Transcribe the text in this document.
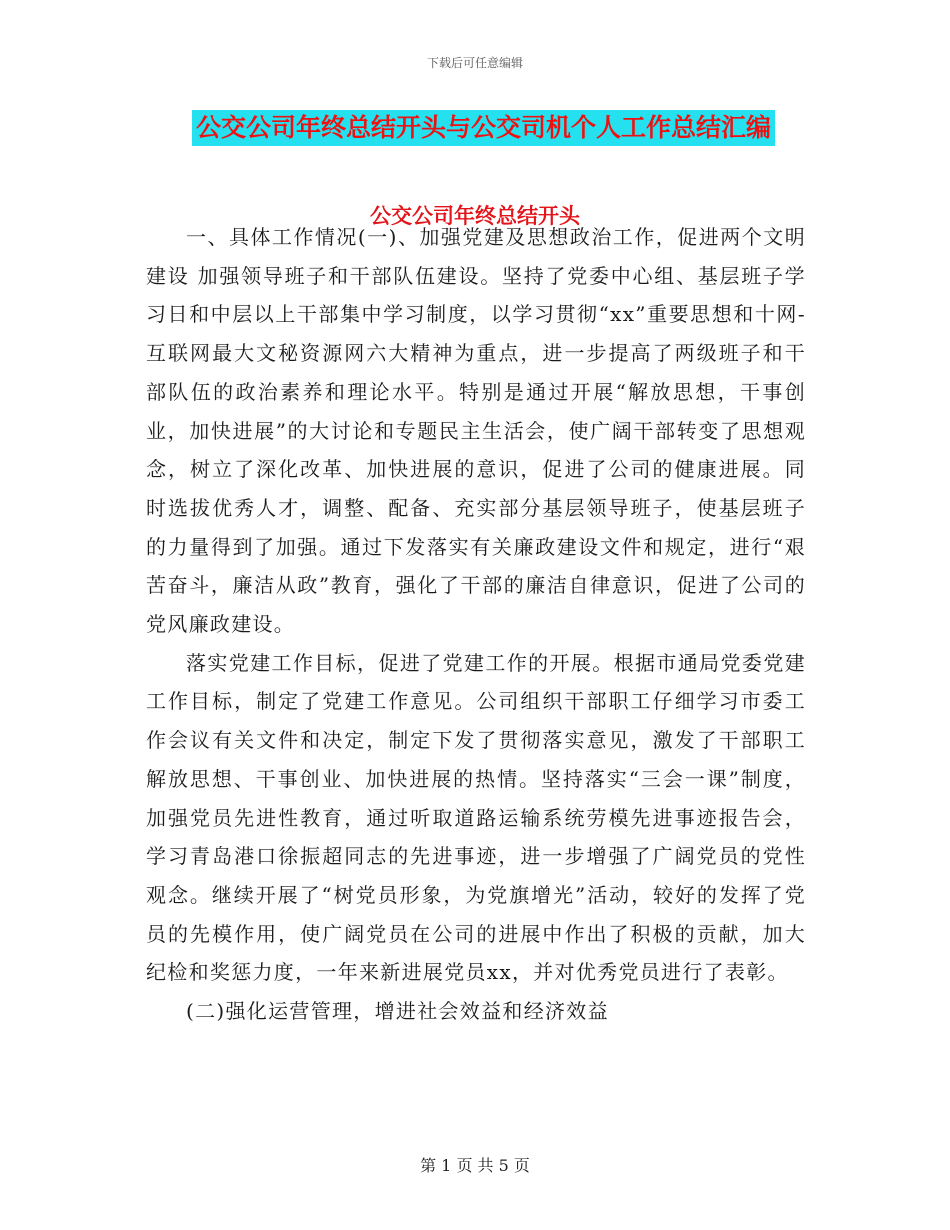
下载后可任意编辑
公交公司年终总结开头与公交司机个人工作总结汇编
公交公司年终总结开头

一、具体工作情况(一)、加强党建及思想政治工作，促进两个文明建设 加强领导班子和干部队伍建设。坚持了党委中心组、基层班子学习日和中层以上干部集中学习制度，以学习贯彻“xx”重要思想和十网-互联网最大文秘资源网六大精神为重点，进一步提高了两级班子和干部队伍的政治素养和理论水平。特别是通过开展“解放思想，干事创业，加快进展”的大讨论和专题民主生活会，使广阔干部转变了思想观念，树立了深化改革、加快进展的意识，促进了公司的健康进展。同时选拔优秀人才，调整、配备、充实部分基层领导班子，使基层班子的力量得到了加强。通过下发落实有关廉政建设文件和规定，进行“艰苦奋斗，廉洁从政”教育，强化了干部的廉洁自律意识，促进了公司的党风廉政建设。

落实党建工作目标，促进了党建工作的开展。根据市通局党委党建工作目标，制定了党建工作意见。公司组织干部职工仔细学习市委工作会议有关文件和决定，制定下发了贯彻落实意见，激发了干部职工解放思想、干事创业、加快进展的热情。坚持落实“三会一课”制度，加强党员先进性教育，通过听取道路运输系统劳模先进事迹报告会，学习青岛港口徐振超同志的先进事迹，进一步增强了广阔党员的党性观念。继续开展了“树党员形象，为党旗增光”活动，较好的发挥了党员的先模作用，使广阔党员在公司的进展中作出了积极的贡献，加大纪检和奖惩力度，一年来新进展党员xx，并对优秀党员进行了表彰。

(二)强化运营管理，增进社会效益和经济效益

第 1 页 共 5 页
